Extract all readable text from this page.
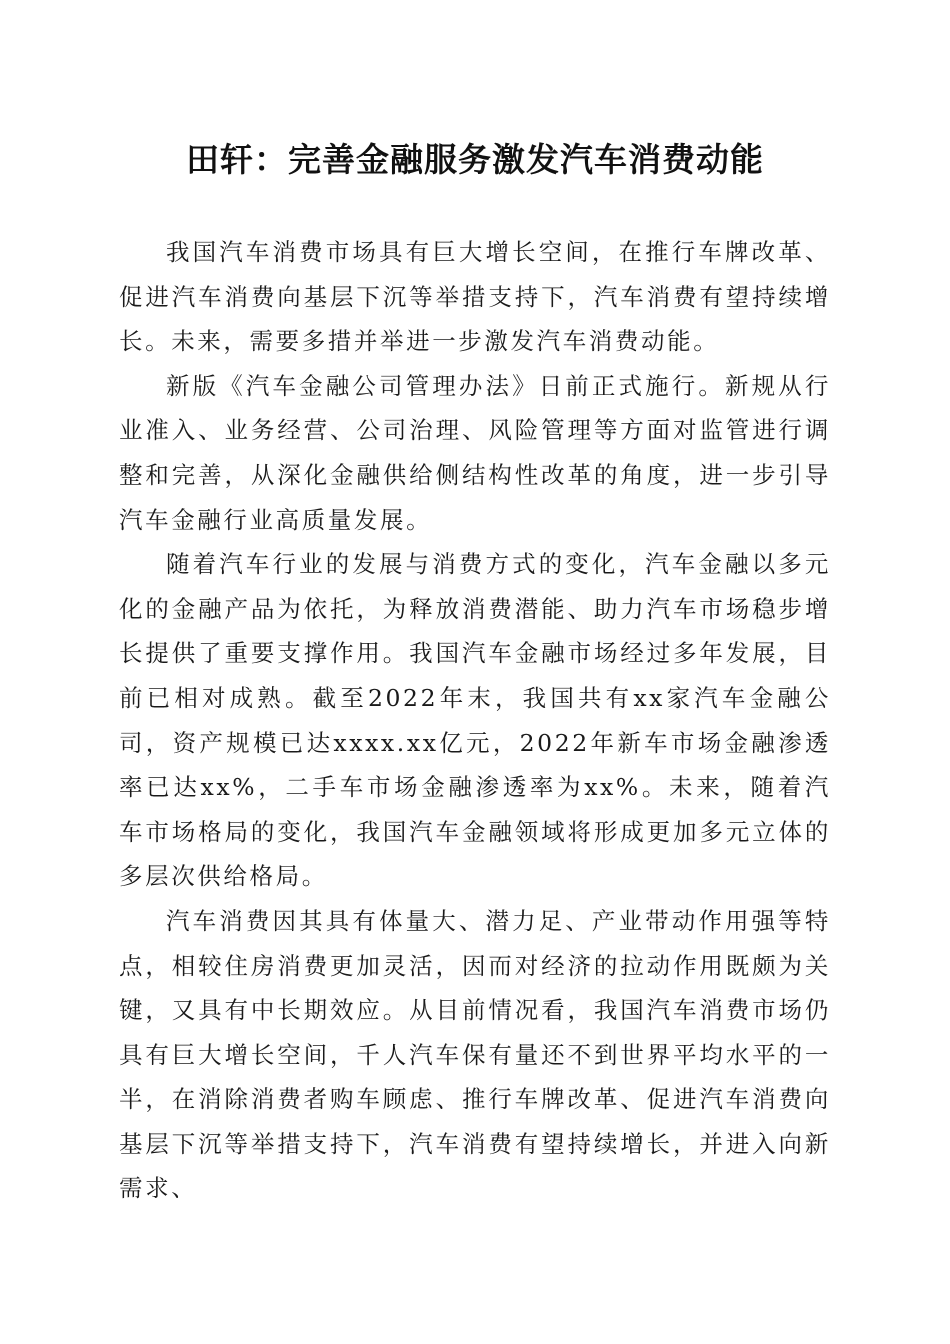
田轩：完善金融服务激发汽车消费动能

我国汽车消费市场具有巨大增长空间，在推行车牌改革、促进汽车消费向基层下沉等举措支持下，汽车消费有望持续增长。未来，需要多措并举进一步激发汽车消费动能。

新版《汽车金融公司管理办法》日前正式施行。新规从行业准入、业务经营、公司治理、风险管理等方面对监管进行调整和完善，从深化金融供给侧结构性改革的角度，进一步引导汽车金融行业高质量发展。

随着汽车行业的发展与消费方式的变化，汽车金融以多元化的金融产品为依托，为释放消费潜能、助力汽车市场稳步增长提供了重要支撑作用。我国汽车金融市场经过多年发展，目前已相对成熟。截至2022年末，我国共有xx家汽车金融公司，资产规模已达xxxx.xx亿元，2022年新车市场金融渗透率已达xx%，二手车市场金融渗透率为xx%。未来，随着汽车市场格局的变化，我国汽车金融领域将形成更加多元立体的多层次供给格局。

汽车消费因其具有体量大、潜力足、产业带动作用强等特点，相较住房消费更加灵活，因而对经济的拉动作用既颇为关键，又具有中长期效应。从目前情况看，我国汽车消费市场仍具有巨大增长空间，千人汽车保有量还不到世界平均水平的一半，在消除消费者购车顾虑、推行车牌改革、促进汽车消费向基层下沉等举措支持下，汽车消费有望持续增长，并进入向新需求、
